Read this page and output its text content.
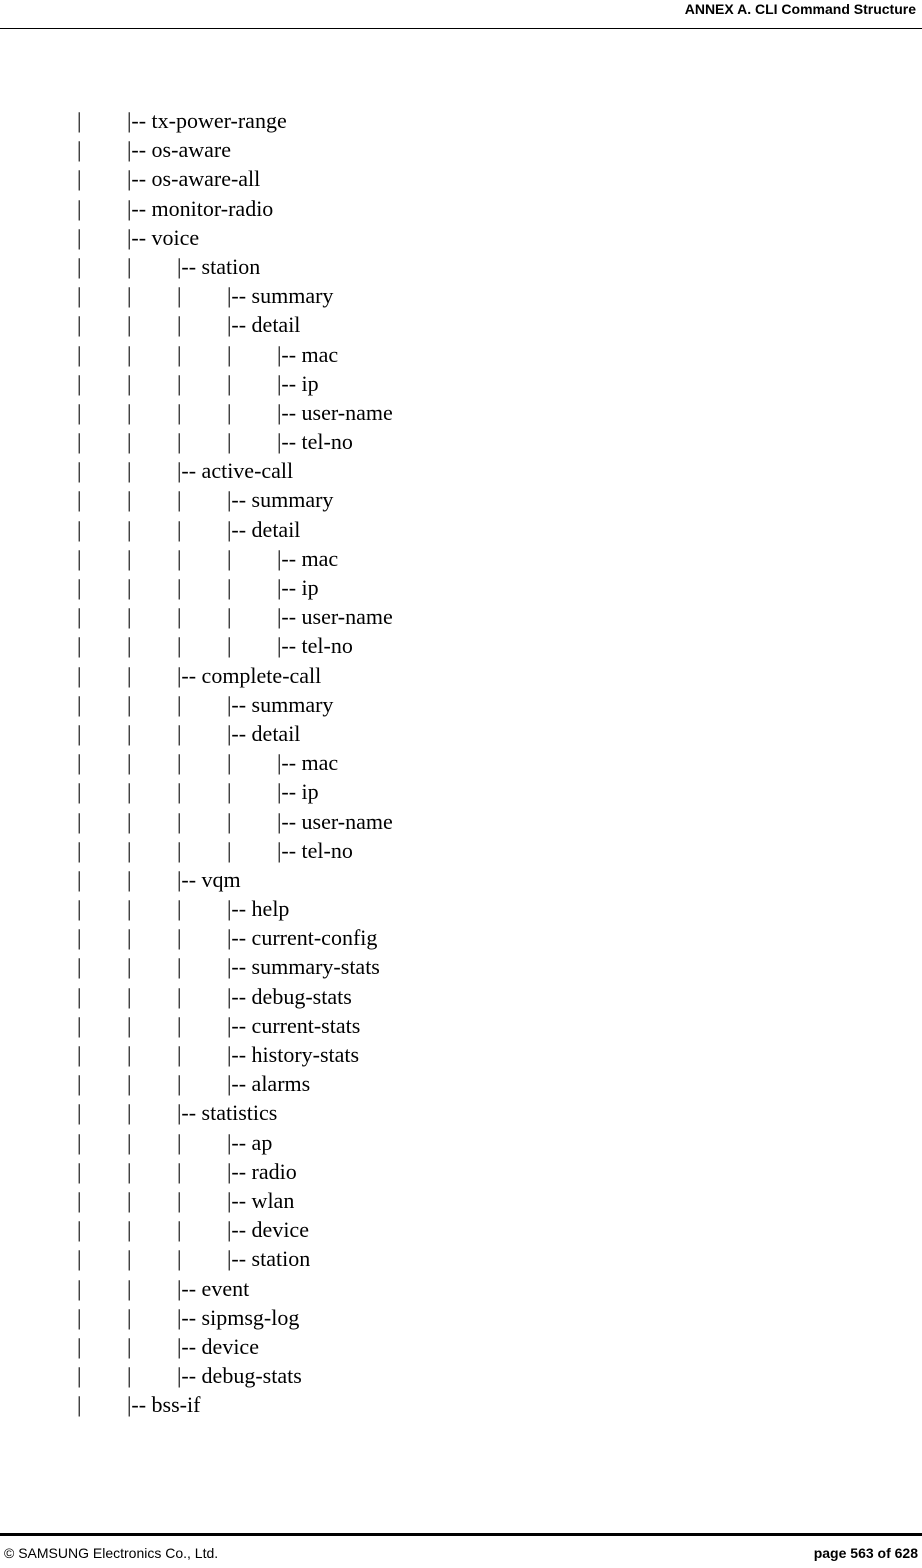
ANNEX A. CLI Command Structure
| |-- tx-power-range
| |-- os-aware
| |-- os-aware-all
| |-- monitor-radio
| |-- voice
| | |-- station
| | | |-- summary
| | | |-- detail
| | | | |-- mac
| | | | |-- ip
| | | | |-- user-name
| | | | |-- tel-no
| | |-- active-call
| | | |-- summary
| | | |-- detail
| | | | |-- mac
| | | | |-- ip
| | | | |-- user-name
| | | | |-- tel-no
| | |-- complete-call
| | | |-- summary
| | | |-- detail
| | | | |-- mac
| | | | |-- ip
| | | | |-- user-name
| | | | |-- tel-no
| | |-- vqm
| | | |-- help
| | | |-- current-config
| | | |-- summary-stats
| | | |-- debug-stats
| | | |-- current-stats
| | | |-- history-stats
| | | |-- alarms
| | |-- statistics
| | | |-- ap
| | | |-- radio
| | | |-- wlan
| | | |-- device
| | | |-- station
| | |-- event
| | |-- sipmsg-log
| | |-- device
| | |-- debug-stats
| |-- bss-if
© SAMSUNG Electronics Co., Ltd.	page 563 of 628
